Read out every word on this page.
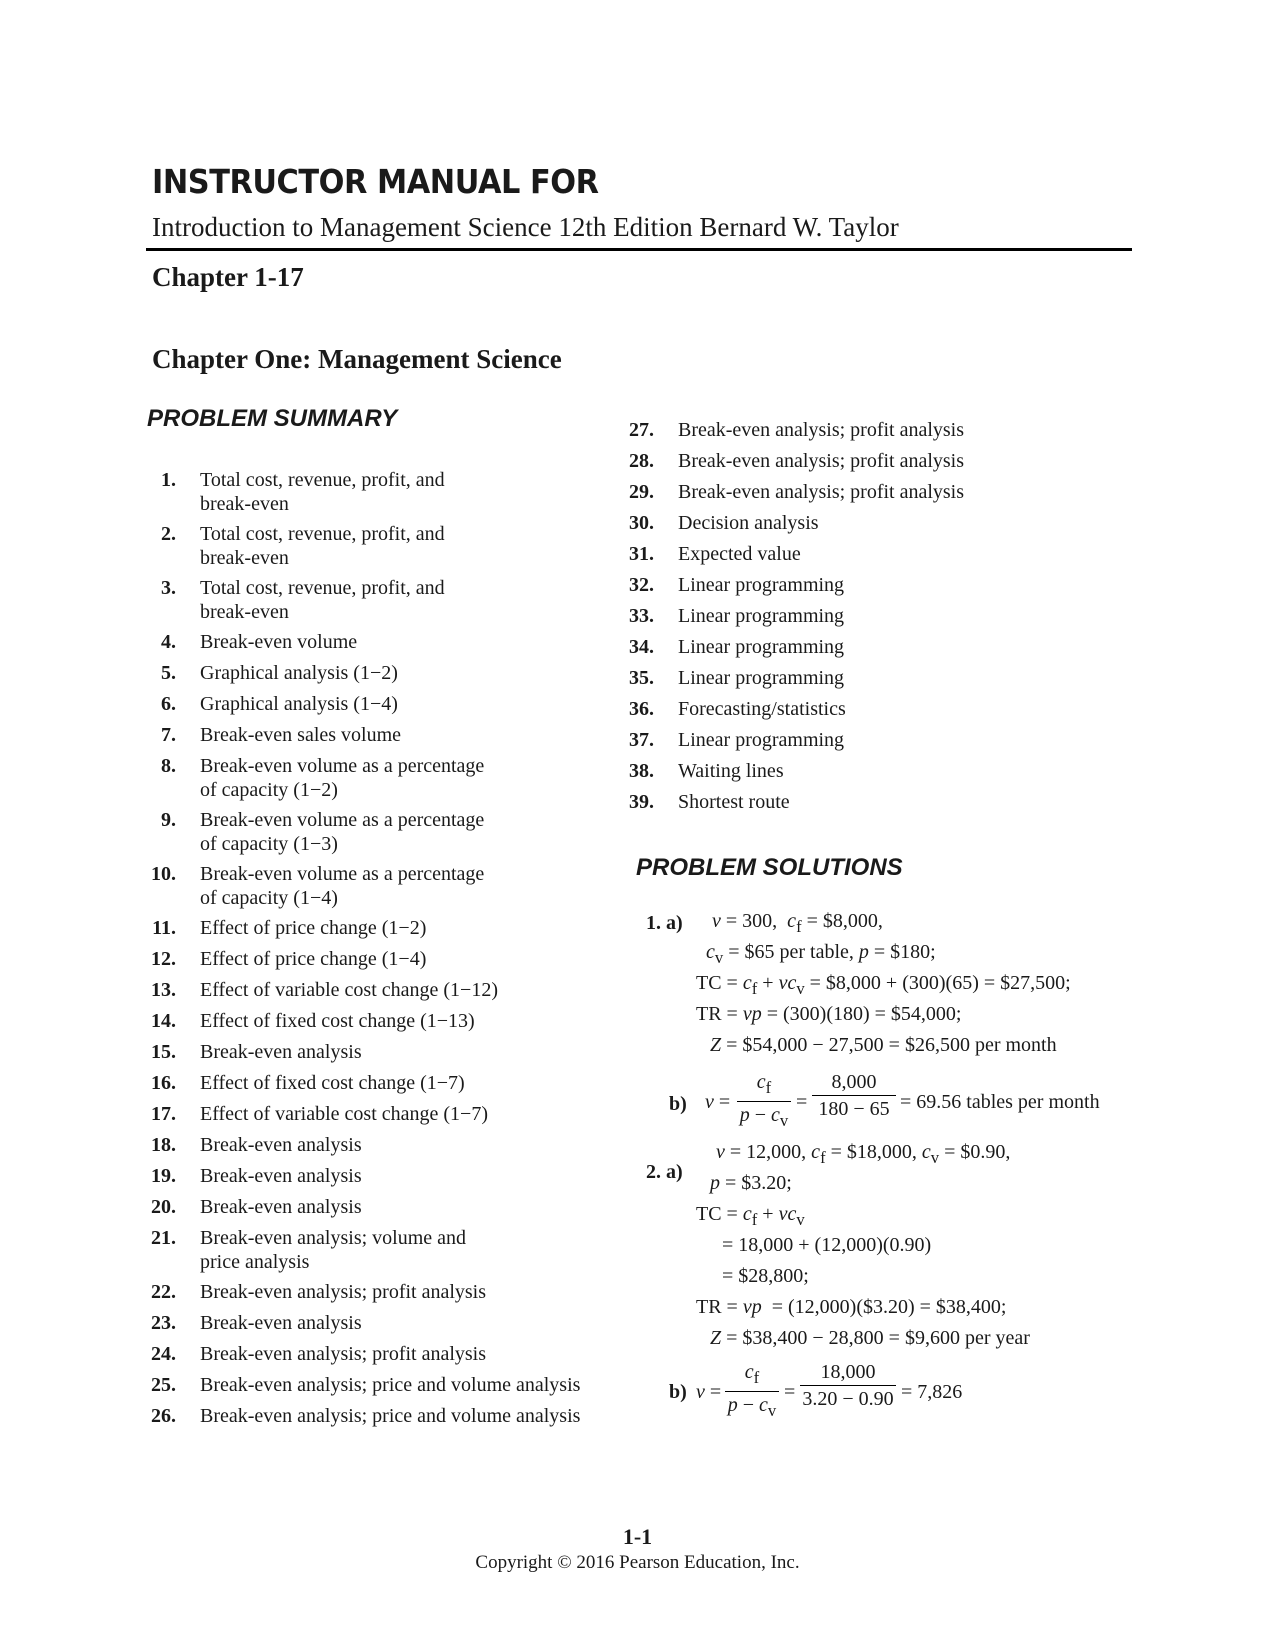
INSTRUCTOR MANUAL FOR
Introduction to Management Science 12th Edition Bernard W. Taylor
Chapter 1-17
Chapter One: Management Science
PROBLEM SUMMARY
1. Total cost, revenue, profit, and
break-even
2. Total cost, revenue, profit, and
break-even
3. Total cost, revenue, profit, and
break-even
4. Break-even volume
5. Graphical analysis (1−2)
6. Graphical analysis (1−4)
7. Break-even sales volume
8. Break-even volume as a percentage
of capacity (1−2)
9. Break-even volume as a percentage
of capacity (1−3)
10. Break-even volume as a percentage
of capacity (1−4)
11. Effect of price change (1−2)
12. Effect of price change (1−4)
13. Effect of variable cost change (1−12)
14. Effect of fixed cost change (1−13)
15. Break-even analysis
16. Effect of fixed cost change (1−7)
17. Effect of variable cost change (1−7)
18. Break-even analysis
19. Break-even analysis
20. Break-even analysis
21. Break-even analysis; volume and
price analysis
22. Break-even analysis; profit analysis
23. Break-even analysis
24. Break-even analysis; profit analysis
25. Break-even analysis; price and volume analysis
26. Break-even analysis; price and volume analysis
27. Break-even analysis; profit analysis
28. Break-even analysis; profit analysis
29. Break-even analysis; profit analysis
30. Decision analysis
31. Expected value
32. Linear programming
33. Linear programming
34. Linear programming
35. Linear programming
36. Forecasting/statistics
37. Linear programming
38. Waiting lines
39. Shortest route
PROBLEM SOLUTIONS
1. a) v = 300,  $c_f$ = $8,000,
$c_v$ = $65 per table, p = $180;
TC = $c_f + vc_v$ = $8,000 + (300)(65) = $27,500;
TR = vp = (300)(180) = $54,000;
Z = $54,000 − 27,500 = $26,500 per month
b) $v = \frac{c_f}{p - c_v} = \frac{8,000}{180 - 65} = 69.56$ tables per month
v = 12,000, $c_f$ = $18,000, $c_v$ = $0.90,
2. a) p = $3.20;
TC = $c_f + vc_v$
= 18,000 + (12,000)(0.90)
= $28,800;
TR = vp  = (12,000)($3.20) = $38,400;
Z = $38,400 − 28,800 = $9,600 per year
b) $v = \frac{c_f}{p - c_v} = \frac{18,000}{3.20 - 0.90} = 7,826$
1-1
Copyright © 2016 Pearson Education, Inc.
